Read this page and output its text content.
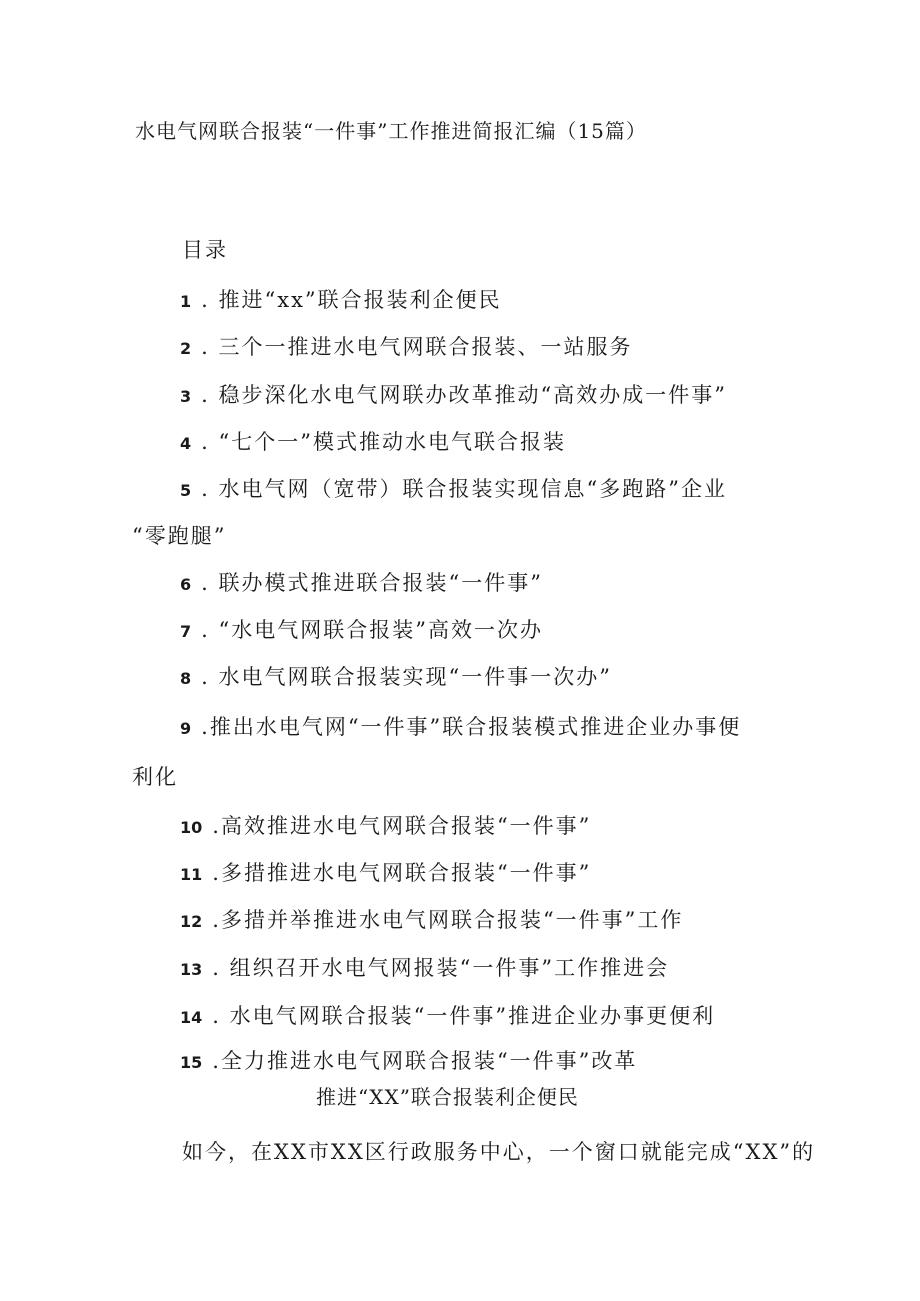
水电气网联合报装“一件事”工作推进简报汇编（15篇）
目录
1 . 推进“xx”联合报装利企便民
2 . 三个一推进水电气网联合报装、一站服务
3 . 稳步深化水电气网联办改革推动“高效办成一件事”
4 . “七个一”模式推动水电气联合报装
5 . 水电气网（宽带）联合报装实现信息“多跑路”企业
“零跑腿”
6 . 联办模式推进联合报装“一件事”
7 . “水电气网联合报装”高效一次办
8 . 水电气网联合报装实现“一件事一次办”
9 .推出水电气网“一件事”联合报装模式推进企业办事便
利化
10 .高效推进水电气网联合报装“一件事”
11 .多措推进水电气网联合报装“一件事”
12 .多措并举推进水电气网联合报装“一件事”工作
13 . 组织召开水电气网报装“一件事”工作推进会
14 . 水电气网联合报装“一件事”推进企业办事更便利
15 .全力推进水电气网联合报装“一件事”改革
推进“XX”联合报装利企便民
如今，在XX市XX区行政服务中心，一个窗口就能完成“XX”的
